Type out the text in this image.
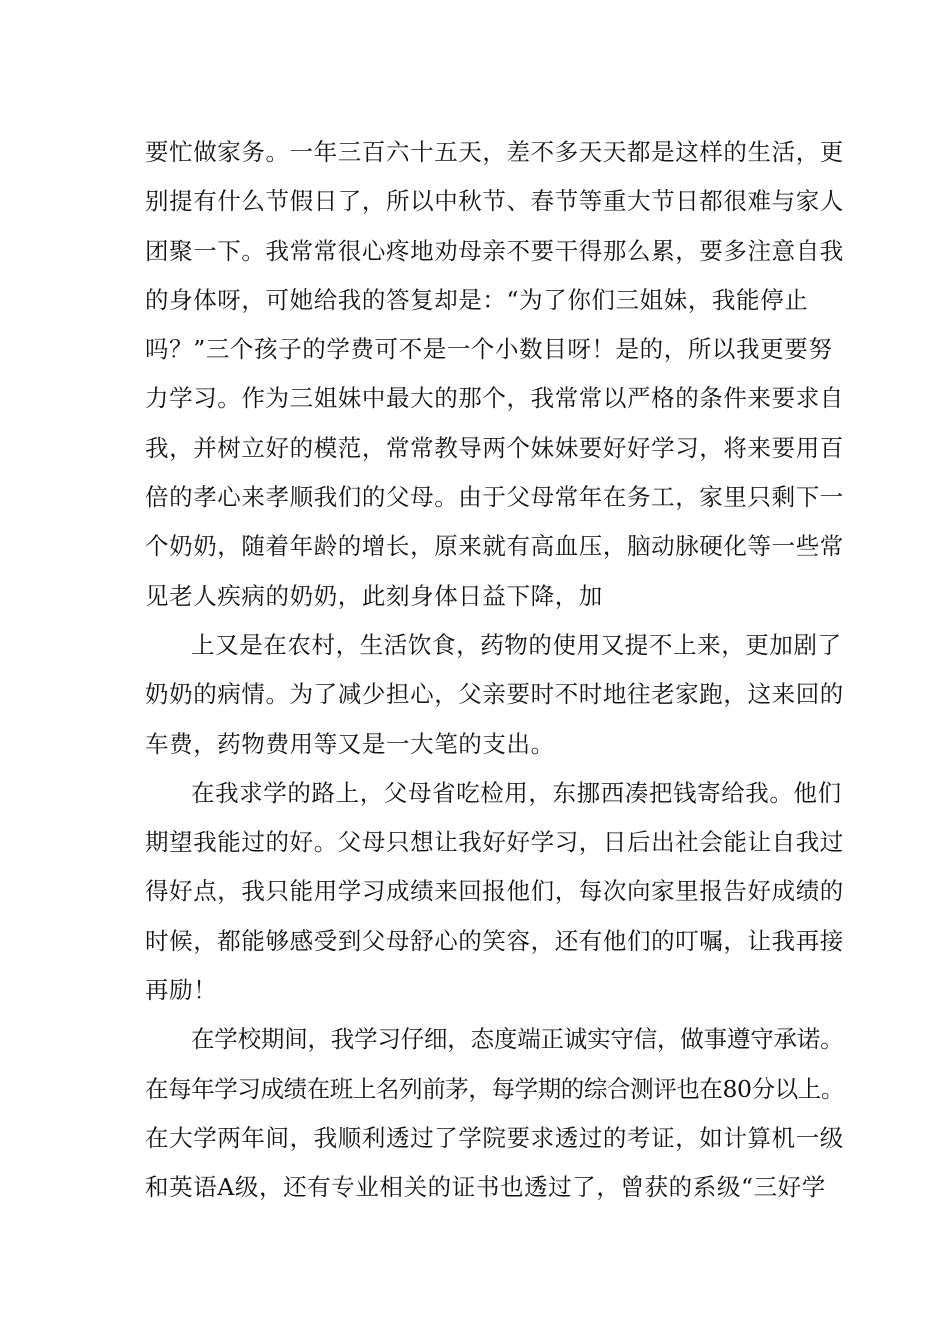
要忙做家务。一年三百六十五天，差不多天天都是这样的生活，更
别提有什么节假日了，所以中秋节、春节等重大节日都很难与家人
团聚一下。我常常很心疼地劝母亲不要干得那么累，要多注意自我
的身体呀，可她给我的答复却是：“为了你们三姐妹，我能停止
吗？”三个孩子的学费可不是一个小数目呀！是的，所以我更要努
力学习。作为三姐妹中最大的那个，我常常以严格的条件来要求自
我，并树立好的模范，常常教导两个妹妹要好好学习，将来要用百
倍的孝心来孝顺我们的父母。由于父母常年在务工，家里只剩下一
个奶奶，随着年龄的增长，原来就有高血压，脑动脉硬化等一些常
见老人疾病的奶奶，此刻身体日益下降，加
上又是在农村，生活饮食，药物的使用又提不上来，更加剧了
奶奶的病情。为了减少担心，父亲要时不时地往老家跑，这来回的
车费，药物费用等又是一大笔的支出。
在我求学的路上，父母省吃检用，东挪西凑把钱寄给我。他们
期望我能过的好。父母只想让我好好学习，日后出社会能让自我过
得好点，我只能用学习成绩来回报他们，每次向家里报告好成绩的
时候，都能够感受到父母舒心的笑容，还有他们的叮嘱，让我再接
再励！
在学校期间，我学习仔细，态度端正诚实守信，做事遵守承诺。
在每年学习成绩在班上名列前茅，每学期的综合测评也在80分以上。
在大学两年间，我顺利透过了学院要求透过的考证，如计算机一级
和英语A级，还有专业相关的证书也透过了，曾获的系级“三好学
